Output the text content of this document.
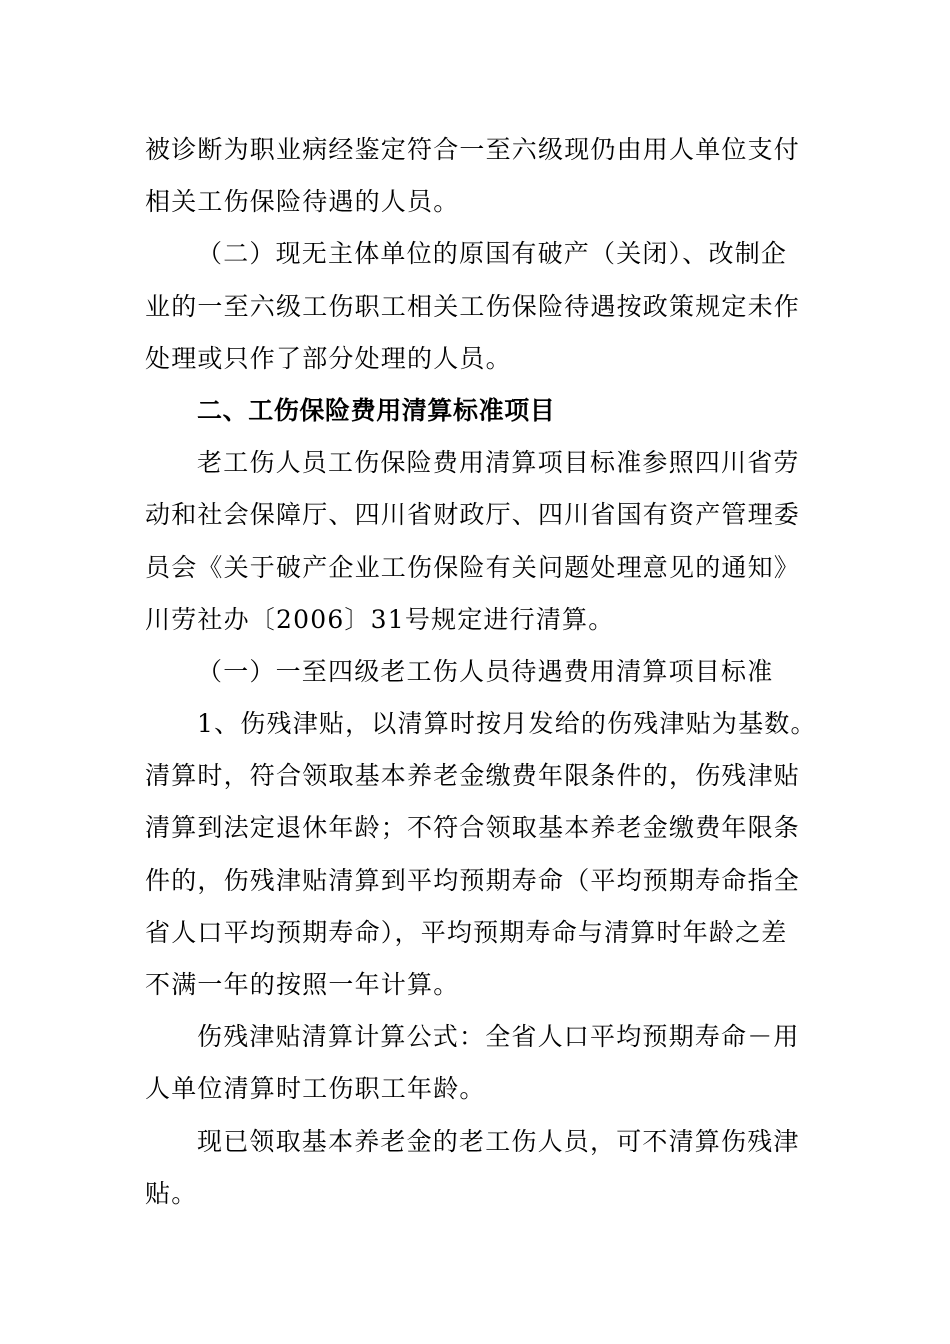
被诊断为职业病经鉴定符合一至六级现仍由用人单位支付
相关工伤保险待遇的人员。
（二）现无主体单位的原国有破产（关闭）、改制企
业的一至六级工伤职工相关工伤保险待遇按政策规定未作
处理或只作了部分处理的人员。
二、工伤保险费用清算标准项目
老工伤人员工伤保险费用清算项目标准参照四川省劳
动和社会保障厅、四川省财政厅、四川省国有资产管理委
员会《关于破产企业工伤保险有关问题处理意见的通知》
川劳社办〔2006〕31号规定进行清算。
（一）一至四级老工伤人员待遇费用清算项目标准
1、伤残津贴，以清算时按月发给的伤残津贴为基数。
清算时，符合领取基本养老金缴费年限条件的，伤残津贴
清算到法定退休年龄；不符合领取基本养老金缴费年限条
件的，伤残津贴清算到平均预期寿命（平均预期寿命指全
省人口平均预期寿命），平均预期寿命与清算时年龄之差
不满一年的按照一年计算。
伤残津贴清算计算公式：全省人口平均预期寿命－用
人单位清算时工伤职工年龄。
现已领取基本养老金的老工伤人员，可不清算伤残津
贴。
